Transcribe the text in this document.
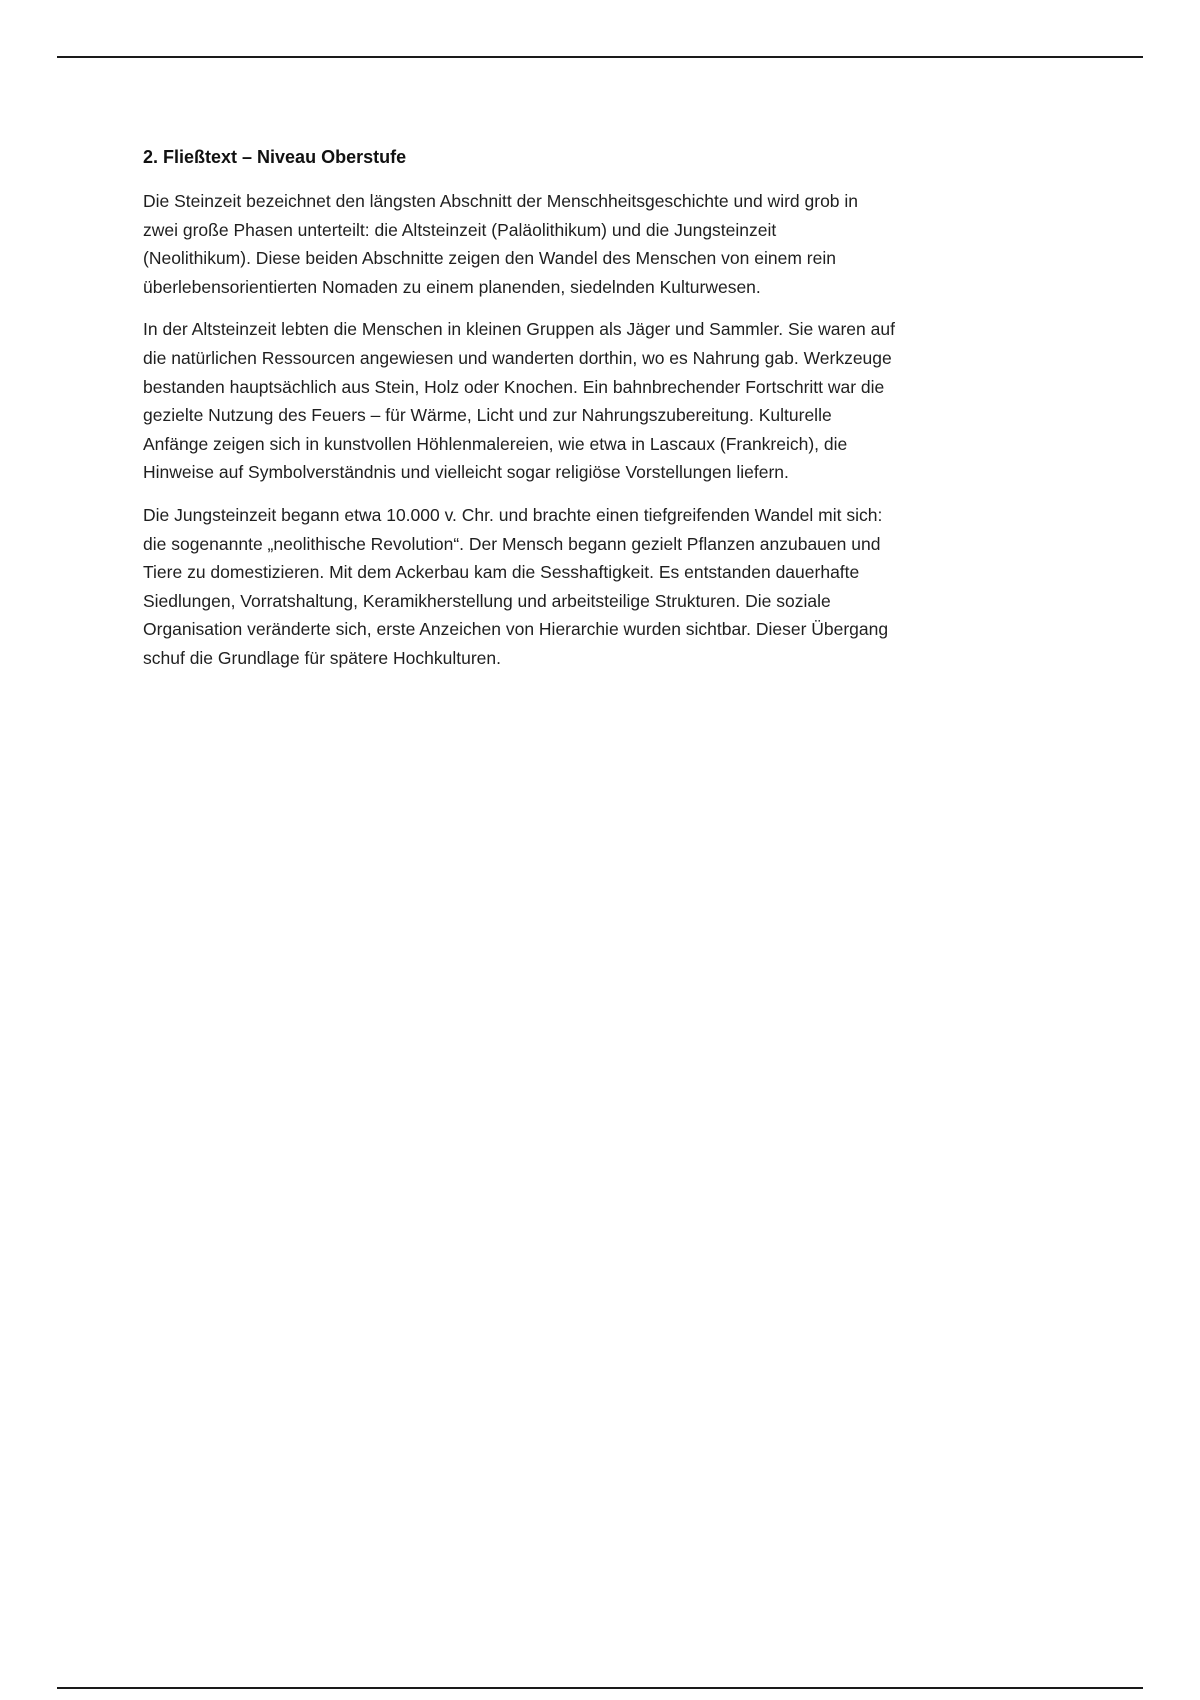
2. Fließtext – Niveau Oberstufe

Die Steinzeit bezeichnet den längsten Abschnitt der Menschheitsgeschichte und wird grob in
zwei große Phasen unterteilt: die Altsteinzeit (Paläolithikum) und die Jungsteinzeit
(Neolithikum). Diese beiden Abschnitte zeigen den Wandel des Menschen von einem rein
überlebensorientierten Nomaden zu einem planenden, siedelnden Kulturwesen.

In der Altsteinzeit lebten die Menschen in kleinen Gruppen als Jäger und Sammler. Sie waren auf
die natürlichen Ressourcen angewiesen und wanderten dorthin, wo es Nahrung gab. Werkzeuge
bestanden hauptsächlich aus Stein, Holz oder Knochen. Ein bahnbrechender Fortschritt war die
gezielte Nutzung des Feuers – für Wärme, Licht und zur Nahrungszubereitung. Kulturelle
Anfänge zeigen sich in kunstvollen Höhlenmalereien, wie etwa in Lascaux (Frankreich), die
Hinweise auf Symbolverständnis und vielleicht sogar religiöse Vorstellungen liefern.

Die Jungsteinzeit begann etwa 10.000 v. Chr. und brachte einen tiefgreifenden Wandel mit sich:
die sogenannte „neolithische Revolution“. Der Mensch begann gezielt Pflanzen anzubauen und
Tiere zu domestizieren. Mit dem Ackerbau kam die Sesshaftigkeit. Es entstanden dauerhafte
Siedlungen, Vorratshaltung, Keramikherstellung und arbeitsteilige Strukturen. Die soziale
Organisation veränderte sich, erste Anzeichen von Hierarchie wurden sichtbar. Dieser Übergang
schuf die Grundlage für spätere Hochkulturen.
